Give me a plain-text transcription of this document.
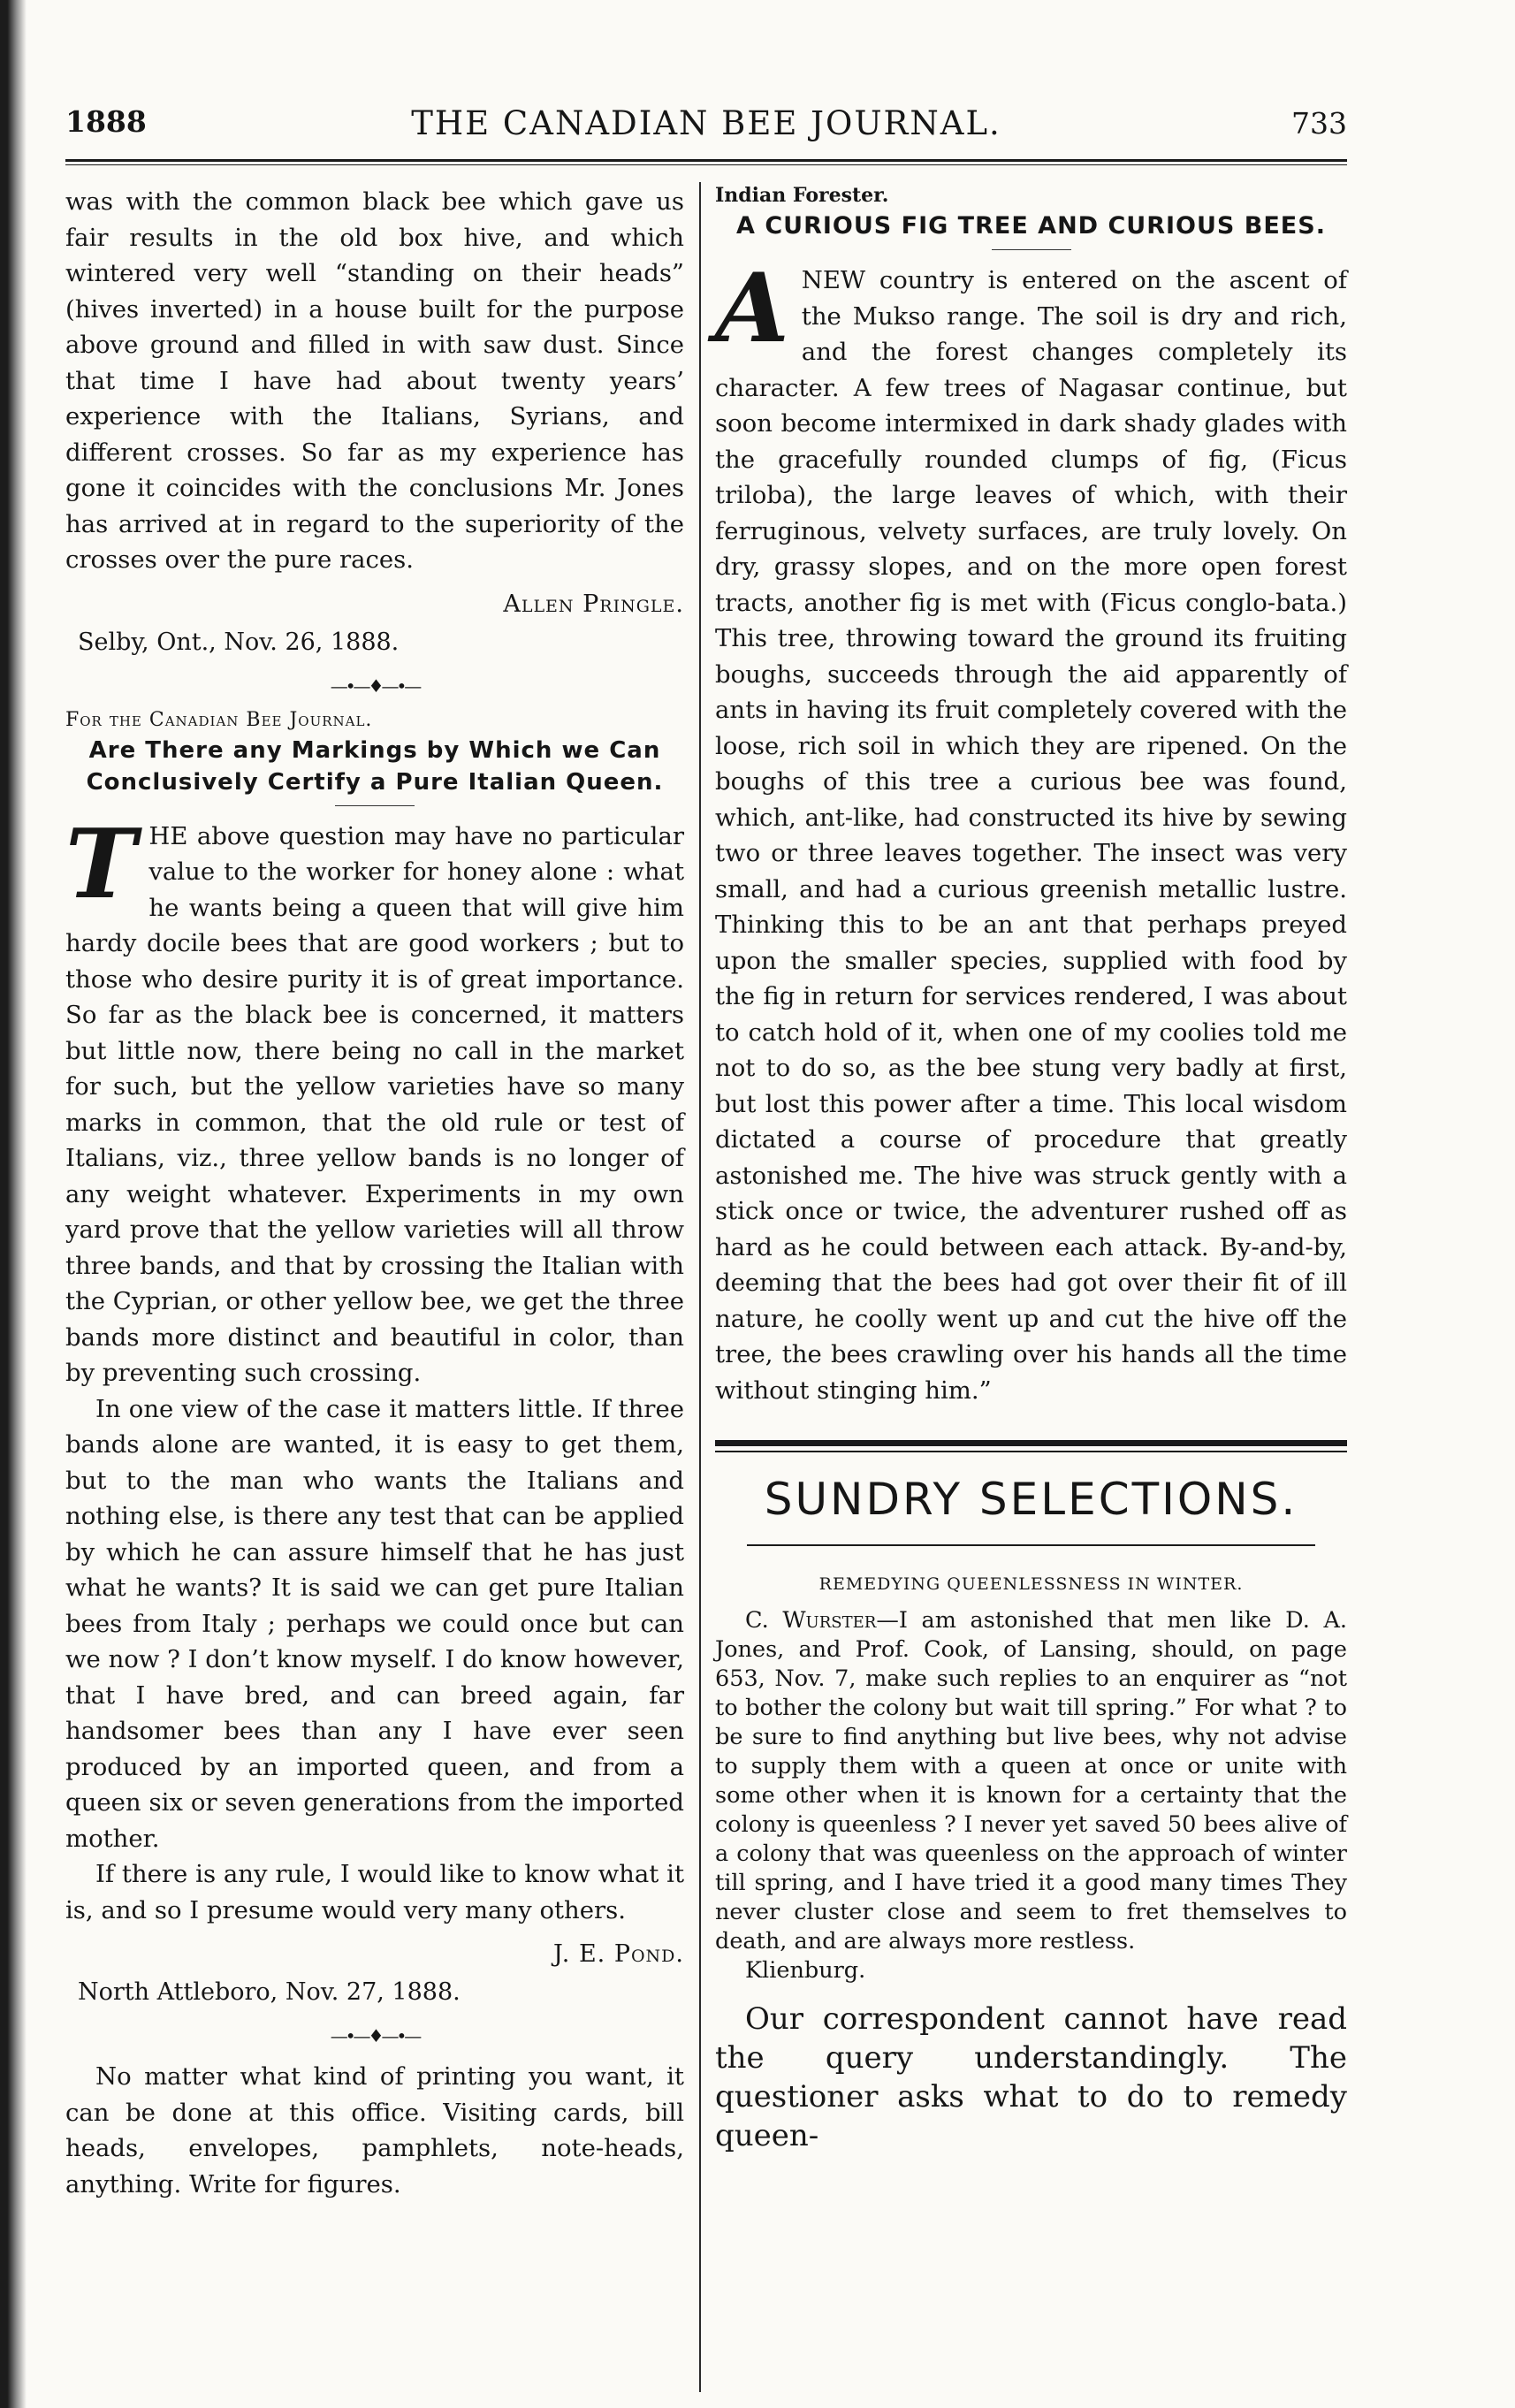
1888	THE CANADIAN BEE JOURNAL.	733

was with the common black bee which gave us fair results in the old box hive, and which wintered very well “standing on their heads” (hives inverted) in a house built for the purpose above ground and filled in with saw dust. Since that time I have had about twenty years’ experience with the Italians, Syrians, and different crosses. So far as my experience has gone it coincides with the conclusions Mr. Jones has arrived at in regard to the superiority of the crosses over the pure races.

Allen Pringle.

Selby, Ont., Nov. 26, 1888.

—•—♦—•—

For the Canadian Bee Journal.

Are There any Markings by Which we Can Conclusively Certify a Pure Italian Queen.

THE above question may have no particular value to the worker for honey alone : what he wants being a queen that will give him hardy docile bees that are good workers ; but to those who desire purity it is of great importance. So far as the black bee is concerned, it matters but little now, there being no call in the market for such, but the yellow varieties have so many marks in common, that the old rule or test of Italians, viz., three yellow bands is no longer of any weight whatever. Experiments in my own yard prove that the yellow varieties will all throw three bands, and that by crossing the Italian with the Cyprian, or other yellow bee, we get the three bands more distinct and beautiful in color, than by preventing such crossing.

In one view of the case it matters little. If three bands alone are wanted, it is easy to get them, but to the man who wants the Italians and nothing else, is there any test that can be applied by which he can assure himself that he has just what he wants? It is said we can get pure Italian bees from Italy ; perhaps we could once but can we now ? I don’t know myself. I do know however, that I have bred, and can breed again, far handsomer bees than any I have ever seen produced by an imported queen, and from a queen six or seven generations from the imported mother.

If there is any rule, I would like to know what it is, and so I presume would very many others.

J. E. Pond.

North Attleboro, Nov. 27, 1888.

—•—♦—•—

No matter what kind of printing you want, it can be done at this office. Visiting cards, bill heads, envelopes, pamphlets, note-heads, anything. Write for figures.

Indian Forester.

A CURIOUS FIG TREE AND CURIOUS BEES.

ANEW country is entered on the ascent of the Mukso range. The soil is dry and rich, and the forest changes completely its character. A few trees of Nagasar continue, but soon become intermixed in dark shady glades with the gracefully rounded clumps of fig, (Ficus triloba), the large leaves of which, with their ferruginous, velvety surfaces, are truly lovely. On dry, grassy slopes, and on the more open forest tracts, another fig is met with (Ficus conglo-bata.) This tree, throwing toward the ground its fruiting boughs, succeeds through the aid apparently of ants in having its fruit completely covered with the loose, rich soil in which they are ripened. On the boughs of this tree a curious bee was found, which, ant-like, had constructed its hive by sewing two or three leaves together. The insect was very small, and had a curious greenish metallic lustre. Thinking this to be an ant that perhaps preyed upon the smaller species, supplied with food by the fig in return for services rendered, I was about to catch hold of it, when one of my coolies told me not to do so, as the bee stung very badly at first, but lost this power after a time. This local wisdom dictated a course of procedure that greatly astonished me. The hive was struck gently with a stick once or twice, the adventurer rushed off as hard as he could between each attack. By-and-by, deeming that the bees had got over their fit of ill nature, he coolly went up and cut the hive off the tree, the bees crawling over his hands all the time without stinging him.”

SUNDRY SELECTIONS.
REMEDYING QUEENLESSNESS IN WINTER.

C. Wurster—I am astonished that men like D. A. Jones, and Prof. Cook, of Lansing, should, on page 653, Nov. 7, make such replies to an enquirer as “not to bother the colony but wait till spring.” For what ? to be sure to find anything but live bees, why not advise to supply them with a queen at once or unite with some other when it is known for a certainty that the colony is queenless ? I never yet saved 50 bees alive of a colony that was queenless on the approach of winter till spring, and I have tried it a good many times They never cluster close and seem to fret themselves to death, and are always more restless.

Klienburg.

Our correspondent cannot have read the query understandingly. The questioner asks what to do to remedy queen-
